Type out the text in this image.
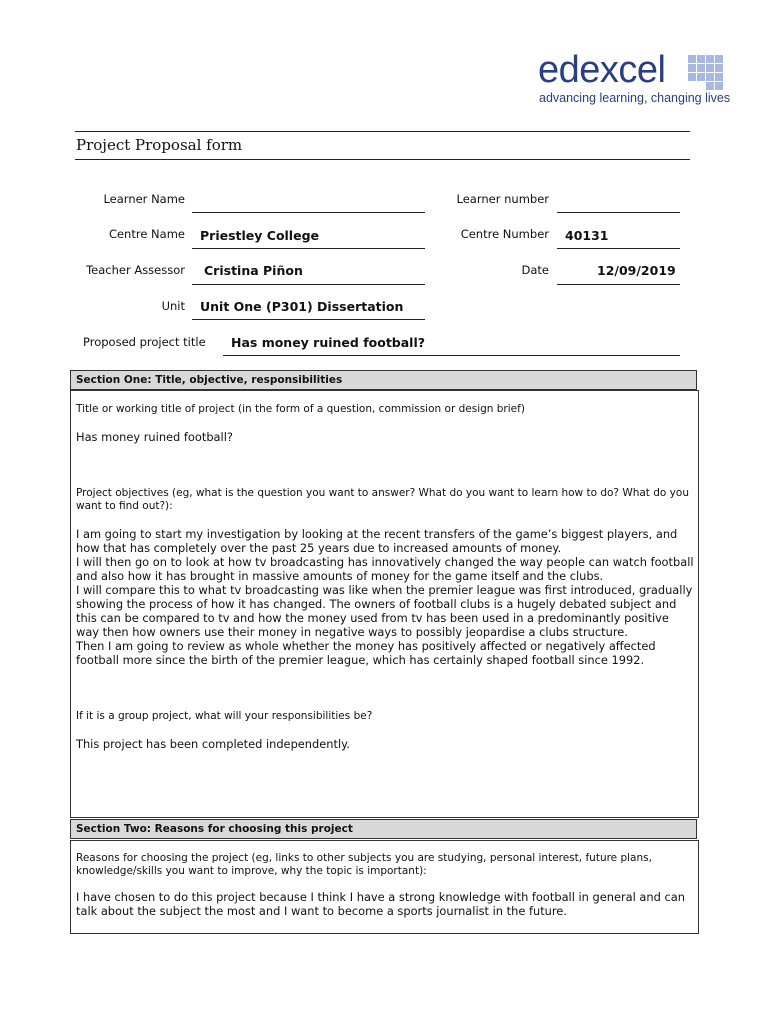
edexcel
advancing learning, changing lives
Project Proposal form
Learner Name	Learner number
Centre Name Priestley College	Centre Number 40131
Teacher Assessor Cristina Piñon	Date	12/09/2019
Unit Unit One (P301) Dissertation
Proposed project title Has money ruined football?
Section One: Title, objective, responsibilities
Title or working title of project (in the form of a question, commission or design brief)
Has money ruined football?
Project objectives (eg, what is the question you want to answer? What do you want to learn how to do? What do you want to find out?):

I am going to start my investigation by looking at the recent transfers of the game’s biggest players, and how that has completely over the past 25 years due to increased amounts of money.

I will then go on to look at how tv broadcasting has innovatively changed the way people can watch football and also how it has brought in massive amounts of money for the game itself and the clubs.

I will compare this to what tv broadcasting was like when the premier league was first introduced, gradually showing the process of how it has changed. The owners of football clubs is a hugely debated subject and this can be compared to tv and how the money used from tv has been used in a predominantly positive way then how owners use their money in negative ways to possibly jeopardise a clubs structure.

Then I am going to review as whole whether the money has positively affected or negatively affected football more since the birth of the premier league, which has certainly shaped football since 1992.

If it is a group project, what will your responsibilities be?
This project has been completed independently.
Section Two: Reasons for choosing this project
Reasons for choosing the project (eg, links to other subjects you are studying, personal interest, future plans, knowledge/skills you want to improve, why the topic is important):
I have chosen to do this project because I think I have a strong knowledge with football in general and can talk about the subject the most and I want to become a sports journalist in the future.
